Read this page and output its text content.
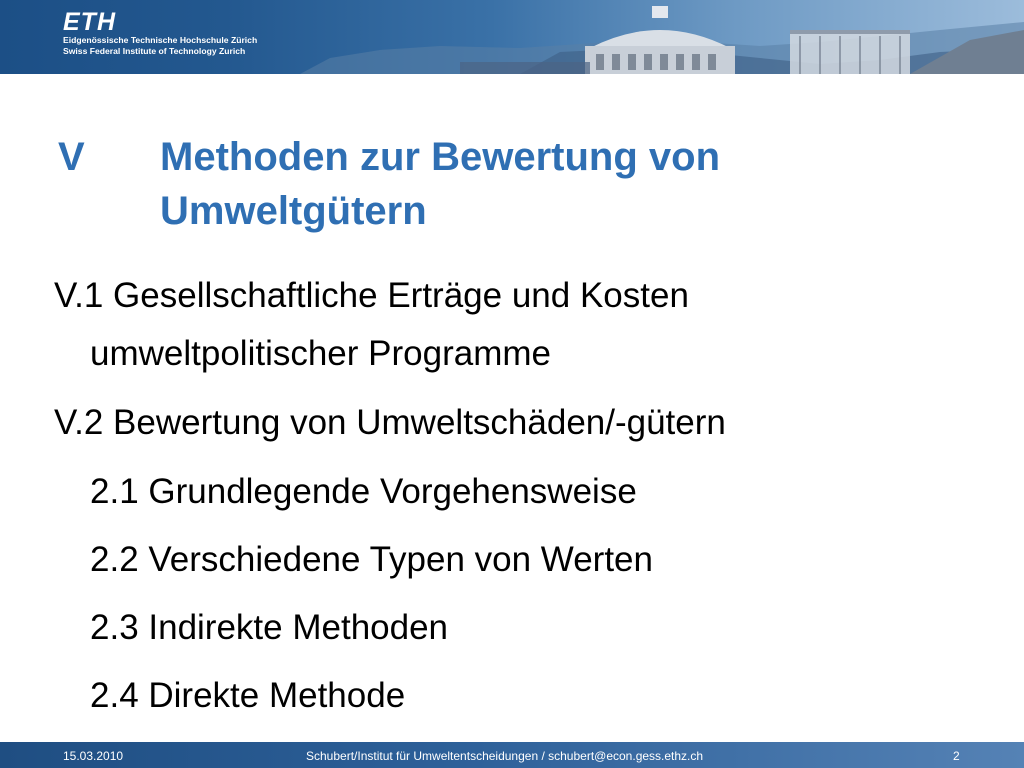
ETH
Eidgenössische Technische Hochschule Zürich
Swiss Federal Institute of Technology Zurich
V Methoden zur Bewertung von
Umweltgütern
V.1 Gesellschaftliche Erträge und Kosten
umweltpolitischer Programme
V.2 Bewertung von Umweltschäden/-gütern
2.1 Grundlegende Vorgehensweise
2.2 Verschiedene Typen von Werten
2.3 Indirekte Methoden
2.4 Direkte Methode
15.03.2010	Schubert/Institut für Umweltentscheidungen / schubert@econ.gess.ethz.ch	2
